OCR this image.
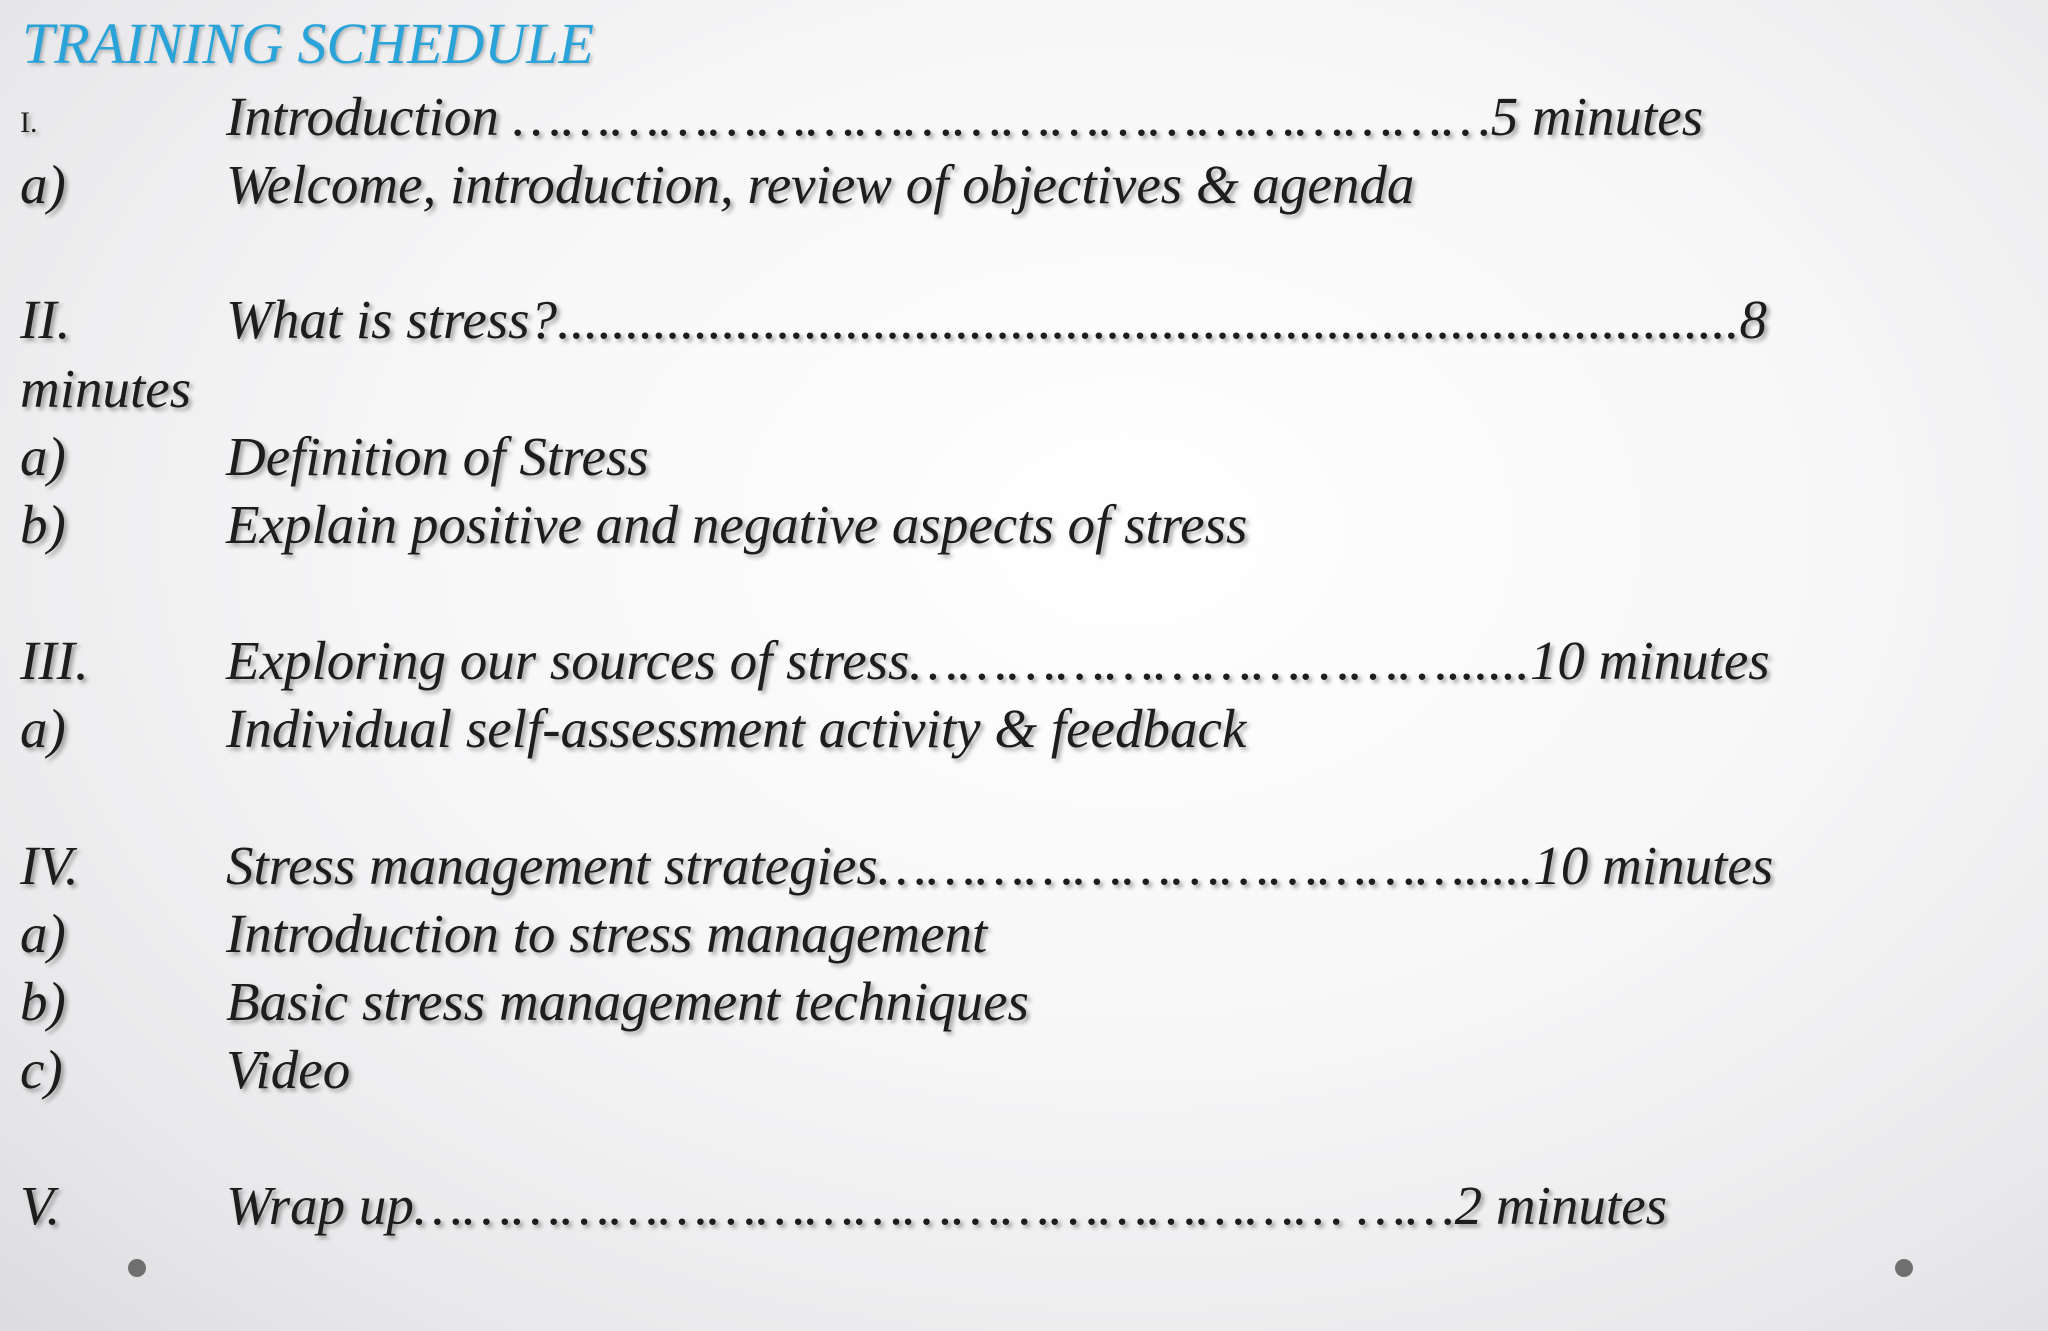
TRAINING SCHEDULE
I.	Introduction ……………………………………………………5 minutes
a)	Welcome, introduction, review of objectives & agenda
II.	What is stress?......................................................................................8
minutes
a)	Definition of Stress
b)	Explain positive and negative aspects of stress
III. Exploring our sources of stress……………………………......10 minutes
a)	Individual self-assessment activity & feedback
IV.	Stress management strategies……………………………….....10 minutes
a)	Introduction to stress management
b)	Basic stress management techniques
c)	Video
V.	Wrap up………………………………………………… ……2 minutes
